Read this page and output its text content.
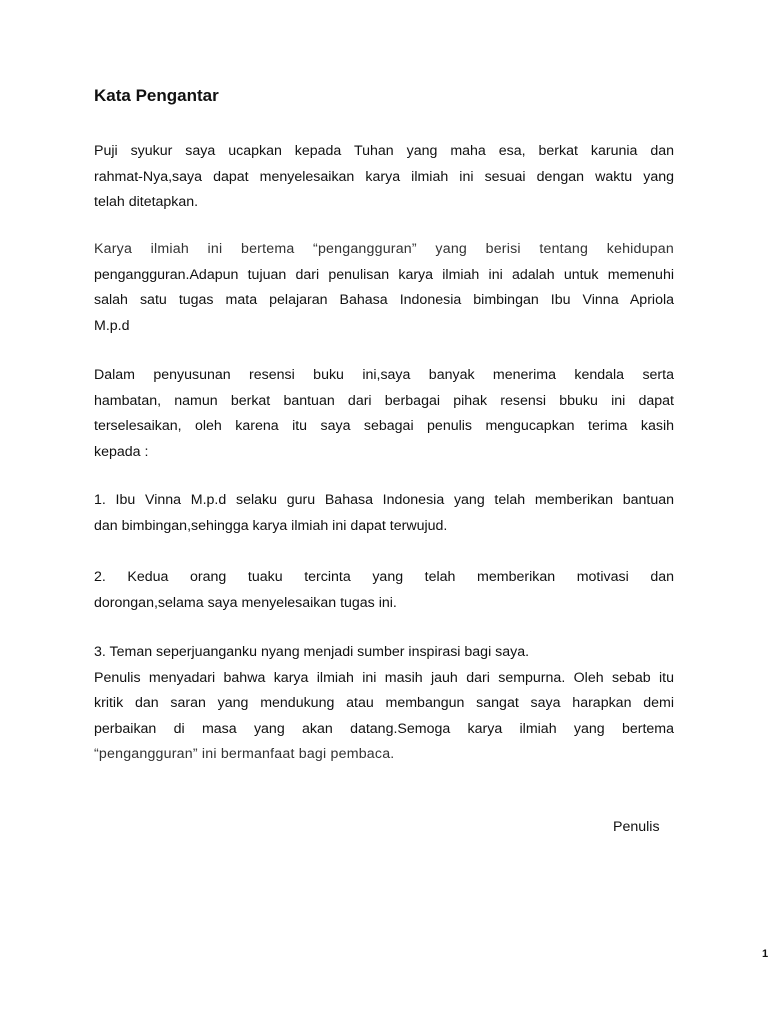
Kata Pengantar

Puji syukur saya ucapkan kepada Tuhan yang maha esa, berkat karunia dan
rahmat-Nya,saya dapat menyelesaikan karya ilmiah ini sesuai dengan waktu yang
telah ditetapkan.

Karya ilmiah ini bertema “pengangguran” yang berisi tentang kehidupan
pengangguran.Adapun tujuan dari penulisan karya ilmiah ini adalah untuk memenuhi
salah satu tugas mata pelajaran Bahasa Indonesia bimbingan Ibu Vinna Apriola
M.p.d

Dalam penyusunan resensi buku ini,saya banyak menerima kendala serta
hambatan, namun berkat bantuan dari berbagai pihak resensi bbuku ini dapat
terselesaikan, oleh karena itu saya sebagai penulis mengucapkan terima kasih
kepada :

1. Ibu Vinna M.p.d selaku guru Bahasa Indonesia yang telah memberikan bantuan
dan bimbingan,sehingga karya ilmiah ini dapat terwujud.

2. Kedua orang tuaku tercinta yang telah memberikan motivasi dan
dorongan,selama saya menyelesaikan tugas ini.

3. Teman seperjuanganku nyang menjadi sumber inspirasi bagi saya.
Penulis menyadari bahwa karya ilmiah ini masih jauh dari sempurna. Oleh sebab itu
kritik dan saran yang mendukung atau membangun sangat saya harapkan demi
perbaikan di masa yang akan datang.Semoga karya ilmiah yang bertema
“pengangguran” ini bermanfaat bagi pembaca.

Penulis
1
